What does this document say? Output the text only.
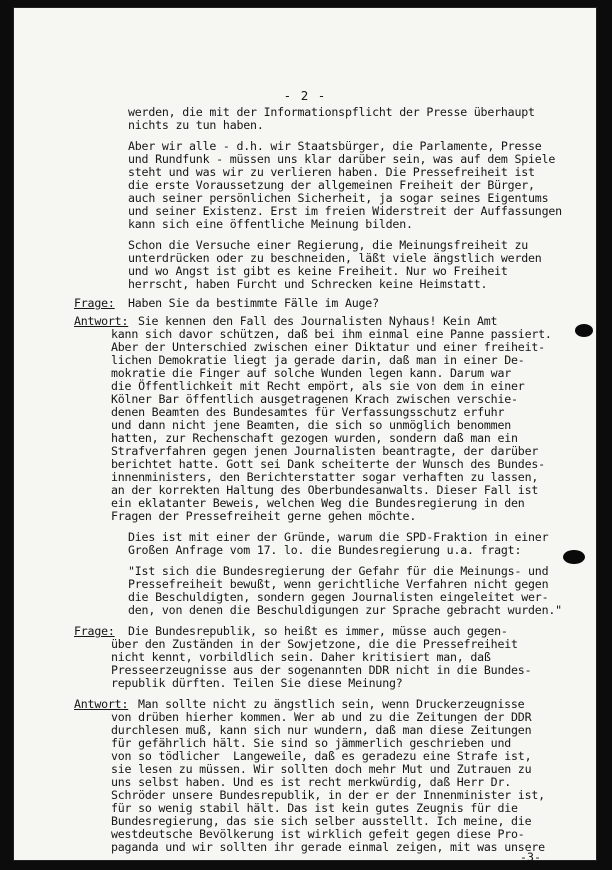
- 2 -
werden, die mit der Informationspflicht der Presse überhaupt
nichts zu tun haben.
Aber wir alle - d.h. wir Staatsbürger, die Parlamente, Presse
und Rundfunk - müssen uns klar darüber sein, was auf dem Spiele
steht und was wir zu verlieren haben. Die Pressefreiheit ist
die erste Voraussetzung der allgemeinen Freiheit der Bürger,
auch seiner persönlichen Sicherheit, ja sogar seines Eigentums
und seiner Existenz. Erst im freien Widerstreit der Auffassungen
kann sich eine öffentliche Meinung bilden.
Schon die Versuche einer Regierung, die Meinungsfreiheit zu
unterdrücken oder zu beschneiden, läßt viele ängstlich werden
und wo Angst ist gibt es keine Freiheit. Nur wo Freiheit
herrscht, haben Furcht und Schrecken keine Heimstatt.
Frage: Haben Sie da bestimmte Fälle im Auge?
Antwort: Sie kennen den Fall des Journalisten Nyhaus! Kein Amt
kann sich davor schützen, daß bei ihm einmal eine Panne passiert.
Aber der Unterschied zwischen einer Diktatur und einer freiheit-
lichen Demokratie liegt ja gerade darin, daß man in einer De-
mokratie die Finger auf solche Wunden legen kann. Darum war
die Öffentlichkeit mit Recht empört, als sie von dem in einer
Kölner Bar öffentlich ausgetragenen Krach zwischen verschie-
denen Beamten des Bundesamtes für Verfassungsschutz erfuhr
und dann nicht jene Beamten, die sich so unmöglich benommen
hatten, zur Rechenschaft gezogen wurden, sondern daß man ein
Strafverfahren gegen jenen Journalisten beantragte, der darüber
berichtet hatte. Gott sei Dank scheiterte der Wunsch des Bundes-
innenministers, den Berichterstatter sogar verhaften zu lassen,
an der korrekten Haltung des Oberbundesanwalts. Dieser Fall ist
ein eklatanter Beweis, welchen Weg die Bundesregierung in den
Fragen der Pressefreiheit gerne gehen möchte.
Dies ist mit einer der Gründe, warum die SPD-Fraktion in einer
Großen Anfrage vom 17. lo. die Bundesregierung u.a. fragt:
"Ist sich die Bundesregierung der Gefahr für die Meinungs- und
Pressefreiheit bewußt, wenn gerichtliche Verfahren nicht gegen
die Beschuldigten, sondern gegen Journalisten eingeleitet wer-
den, von denen die Beschuldigungen zur Sprache gebracht wurden."
Frage: Die Bundesrepublik, so heißt es immer, müsse auch gegen-
über den Zuständen in der Sowjetzone, die die Pressefreiheit
nicht kennt, vorbildlich sein. Daher kritisiert man, daß
Presseerzeugnisse aus der sogenannten DDR nicht in die Bundes-
republik dürften. Teilen Sie diese Meinung?
Antwort: Man sollte nicht zu ängstlich sein, wenn Druckerzeugnisse
von drüben hierher kommen. Wer ab und zu die Zeitungen der DDR
durchlesen muß, kann sich nur wundern, daß man diese Zeitungen
für gefährlich hält. Sie sind so jämmerlich geschrieben und
von so tödlicher  Langeweile, daß es geradezu eine Strafe ist,
sie lesen zu müssen. Wir sollten doch mehr Mut und Zutrauen zu
uns selbst haben. Und es ist recht merkwürdig, daß Herr Dr.
Schröder unsere Bundesrepublik, in der er der Innenminister ist,
für so wenig stabil hält. Das ist kein gutes Zeugnis für die
Bundesregierung, das sie sich selber ausstellt. Ich meine, die
westdeutsche Bevölkerung ist wirklich gefeit gegen diese Pro-
paganda und wir sollten ihr gerade einmal zeigen, mit was unsere
-3-
